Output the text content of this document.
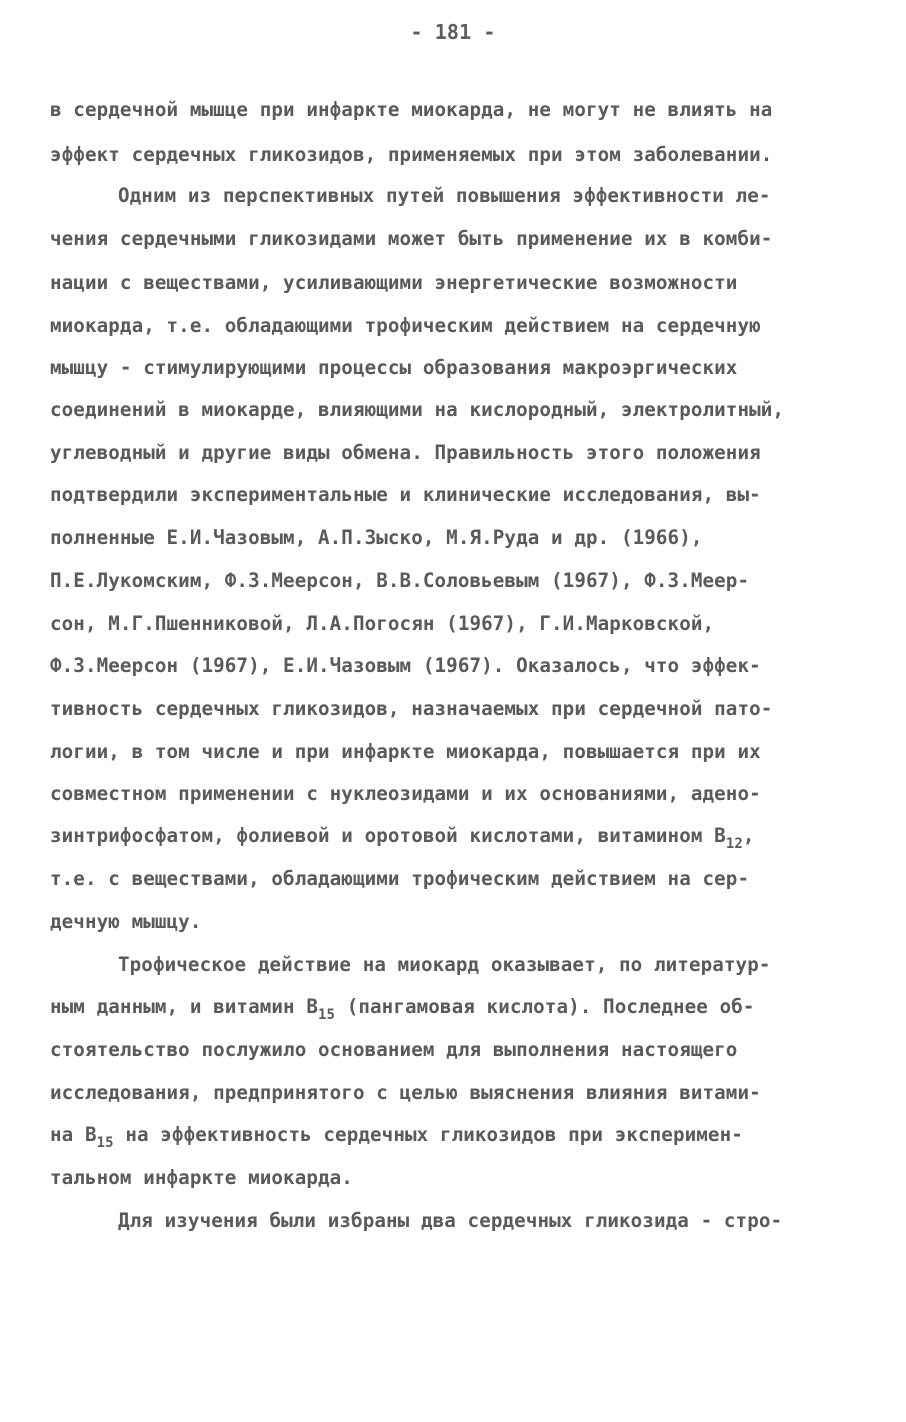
- 181 -
в сердечной мышце при инфаркте миокарда, не могут не влиять на
эффект сердечных гликозидов, применяемых при этом заболевании.
Одним из перспективных путей повышения эффективности ле-
чения сердечными гликозидами может быть применение их в комби-
нации с веществами, усиливающими энергетические возможности
миокарда, т.е. обладающими трофическим действием на сердечную
мышцу - стимулирующими процессы образования макроэргических
соединений в миокарде, влияющими на кислородный, электролитный,
углеводный и другие виды обмена. Правильность этого положения
подтвердили экспериментальные и клинические исследования, вы-
полненные Е.И.Чазовым, А.П.Зыско, М.Я.Руда и др. (1966),
П.Е.Лукомским, Ф.З.Меерсон, В.В.Соловьевым (1967), Ф.З.Меер-
сон, М.Г.Пшенниковой, Л.А.Погосян (1967), Г.И.Марковской,
Ф.З.Меерсон (1967), Е.И.Чазовым (1967). Оказалось, что эффек-
тивность сердечных гликозидов, назначаемых при сердечной пато-
логии, в том числе и при инфаркте миокарда, повышается при их
совместном применении с нуклеозидами и их основаниями, адено-
зинтрифосфатом, фолиевой и оротовой кислотами, витамином $B_{12}$,
т.е. с веществами, обладающими трофическим действием на сер-
дечную мышцу.
Трофическое действие на миокард оказывает, по литератур-
ным данным, и витамин $B_{15}$ (пангамовая кислота). Последнее об-
стоятельство послужило основанием для выполнения настоящего
исследования, предпринятого с целью выяснения влияния витами-
на $B_{15}$ на эффективность сердечных гликозидов при эксперимен-
тальном инфаркте миокарда.
Для изучения были избраны два сердечных гликозида - стро-
